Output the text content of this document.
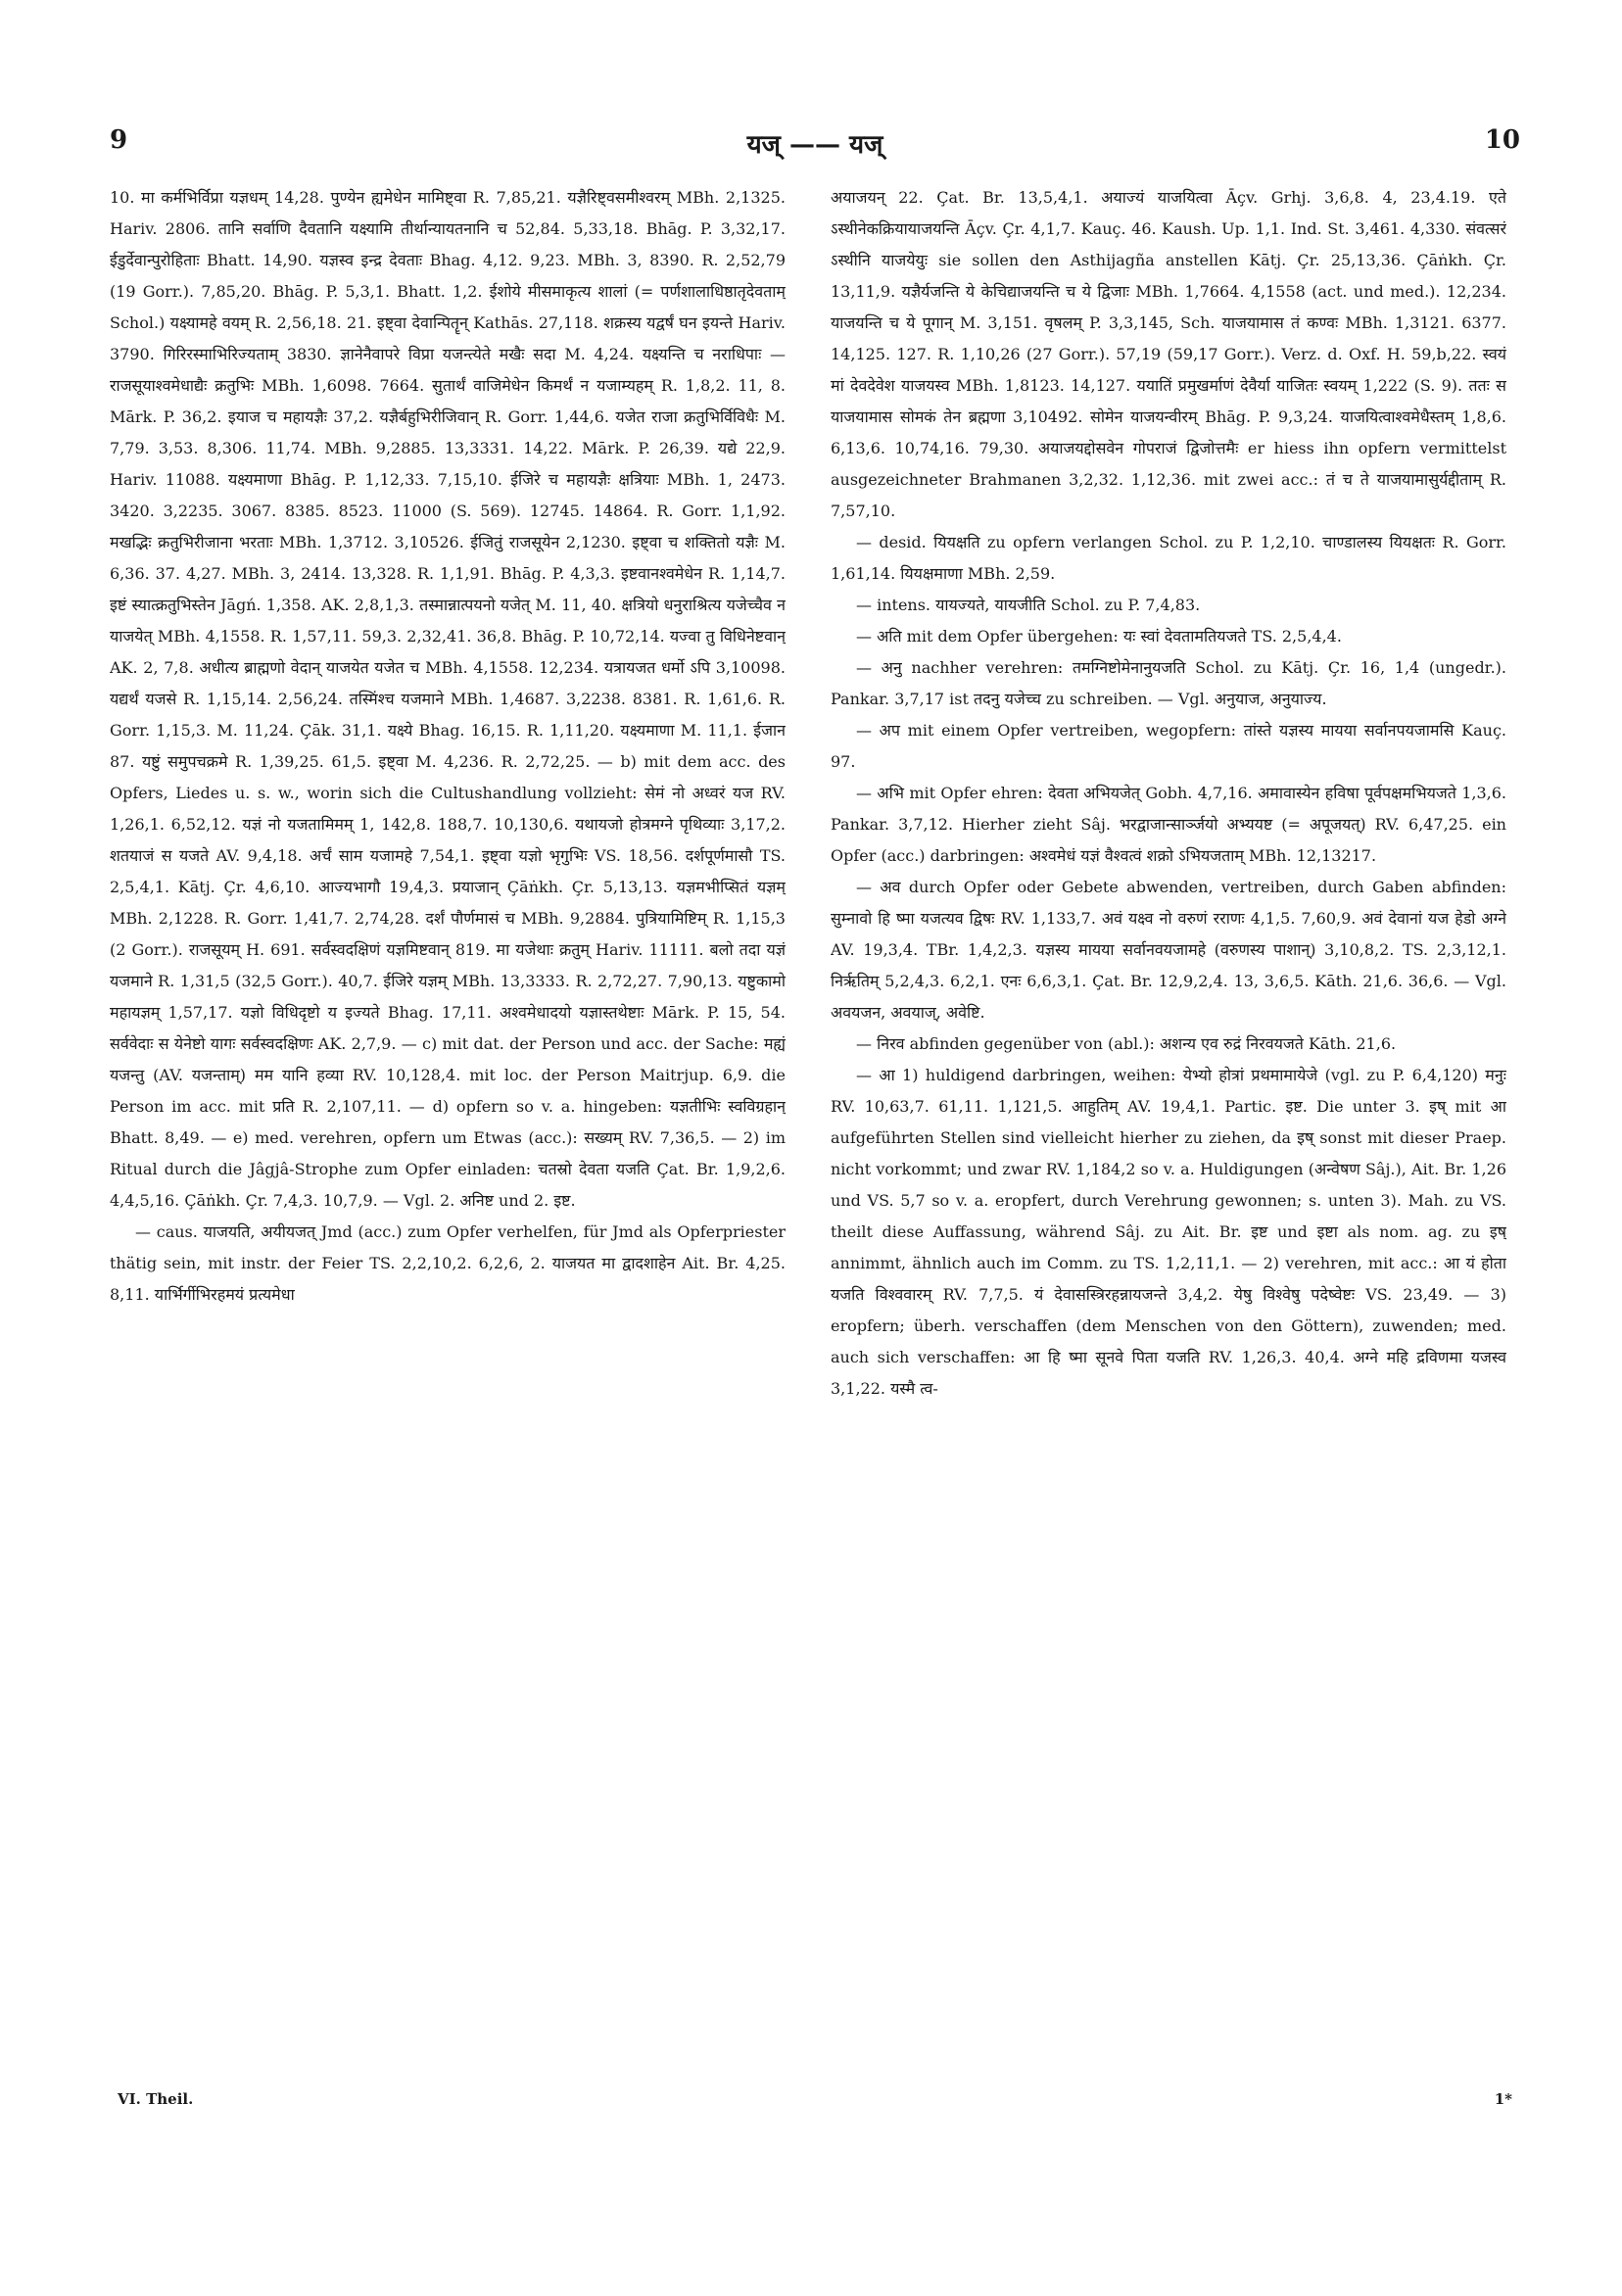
9	यज् —— यज्	10

10. मा कर्मभिर्विप्रा यज्ञधम् 14,28. पुण्येन ह्यमेधेन मामिष्ट्वा R. 7,85,21. यज्ञैरिष्ट्वसमीश्वरम् MBh. 2,1325. Hariv. 2806. तानि सर्वाणि दैवतानि यक्ष्यामि तीर्थान्यायतनानि च 52,84. 5,33,18. Bhāg. P. 3,32,17. ईडुर्देवान्पुरोहिताः Bhatt. 14,90. यज्ञस्व इन्द्र देवताः Bhag. 4,12. 9,23. MBh. 3, 8390. R. 2,52,79 (19 Gorr.). 7,85,20. Bhāg. P. 5,3,1. Bhatt. 1,2. ईशोये मीसमाकृत्य शालां (= पर्णशालाधिष्ठातृदेवताम् Schol.) यक्ष्यामहे वयम् R. 2,56,18. 21. इष्ट्वा देवान्पितॄन् Kathās. 27,118. शक्रस्य यद्वर्षं घन इयन्ते Hariv. 3790. गिरिरस्माभिरिज्यताम् 3830. ज्ञानेनैवापरे विप्रा यजन्त्येते मखैः सदा M. 4,24. यक्ष्यन्ति च नराधिपाः — राजसूयाश्वमेधाद्यैः क्रतुभिः MBh. 1,6098. 7664. सुतार्थं वाजिमेधेन किमर्थं न यजाम्यहम् R. 1,8,2. 11, 8. Mārk. P. 36,2. इयाज च महायज्ञैः 37,2. यज्ञैर्बहुभिरीजिवान् R. Gorr. 1,44,6. यजेत राजा क्रतुभिर्विविधैः M. 7,79. 3,53. 8,306. 11,74. MBh. 9,2885. 13,3331. 14,22. Mārk. P. 26,39. यद्ये 22,9. Hariv. 11088. यक्ष्यमाणा Bhāg. P. 1,12,33. 7,15,10. ईजिरे च महायज्ञैः क्षत्रियाः MBh. 1, 2473. 3420. 3,2235. 3067. 8385. 8523. 11000 (S. 569). 12745. 14864. R. Gorr. 1,1,92. मखद्भिः क्रतुभिरीजाना भरताः MBh. 1,3712. 3,10526. ईजितुं राजसूयेन 2,1230. इष्ट्वा च शक्तितो यज्ञैः M. 6,36. 37. 4,27. MBh. 3, 2414. 13,328. R. 1,1,91. Bhāg. P. 4,3,3. इष्टवानश्वमेधेन R. 1,14,7. इष्टं स्यात्क्रतुभिस्तेन Jāgń. 1,358. AK. 2,8,1,3. तस्मान्नात्पयनो यजेत् M. 11, 40. क्षत्रियो धनुराश्रित्य यजेच्चैव न याजयेत् MBh. 4,1558. R. 1,57,11. 59,3. 2,32,41. 36,8. Bhāg. P. 10,72,14. यज्वा तु विधिनेष्टवान् AK. 2, 7,8. अधीत्य ब्राह्मणो वेदान् याजयेत यजेत च MBh. 4,1558. 12,234. यत्रायजत धर्मो ऽपि 3,10098. यद्यर्थं यजसे R. 1,15,14. 2,56,24. तस्मिंश्च यजमाने MBh. 1,4687. 3,2238. 8381. R. 1,61,6. R. Gorr. 1,15,3. M. 11,24. Çāk. 31,1. यक्ष्ये Bhag. 16,15. R. 1,11,20. यक्ष्यमाणा M. 11,1. ईजान 87. यष्टुं समुपचक्रमे R. 1,39,25. 61,5. इष्ट्वा M. 4,236. R. 2,72,25. — b) mit dem acc. des Opfers, Liedes u. s. w., worin sich die Cultushandlung vollzieht: सेमं नो अध्वरं यज RV. 1,26,1. 6,52,12. यज्ञं नो यजतामिमम् 1, 142,8. 188,7. 10,130,6. यथायजो होत्रमग्ने पृथिव्याः 3,17,2. शतयाजं स यजते AV. 9,4,18. अर्चं साम यजामहे 7,54,1. इष्ट्वा यज्ञो भृगुभिः VS. 18,56. दर्शपूर्णमासौ TS. 2,5,4,1. Kātj. Çr. 4,6,10. आज्यभागौ 19,4,3. प्रयाजान् Çāṅkh. Çr. 5,13,13. यज्ञमभीप्सितं यज्ञम् MBh. 2,1228. R. Gorr. 1,41,7. 2,74,28. दर्शं पौर्णमासं च MBh. 9,2884. पुत्रियामिष्टिम् R. 1,15,3 (2 Gorr.). राजसूयम् H. 691. सर्वस्वदक्षिणं यज्ञमिष्टवान् 819. मा यजेथाः क्रतुम् Hariv. 11111. बलो तदा यज्ञं यजमाने R. 1,31,5 (32,5 Gorr.). 40,7. ईजिरे यज्ञम् MBh. 13,3333. R. 2,72,27. 7,90,13. यष्टुकामो महायज्ञम् 1,57,17. यज्ञो विधिदृष्टो य इज्यते Bhag. 17,11. अश्वमेधादयो यज्ञास्तथेष्टाः Mārk. P. 15, 54. सर्ववेदाः स येनेष्टो यागः सर्वस्वदक्षिणः AK. 2,7,9. — c) mit dat. der Person und acc. der Sache: मह्यं यजन्तु (AV. यजन्ताम्) मम यानि हव्या RV. 10,128,4. mit loc. der Person Maitrjup. 6,9. die Person im acc. mit प्रति R. 2,107,11. — d) opfern so v. a. hingeben: यज्ञतीभिः स्वविग्रहान् Bhatt. 8,49. — e) med. verehren, opfern um Etwas (acc.): सख्यम् RV. 7,36,5. — 2) im Ritual durch die Jâgjâ-Strophe zum Opfer einladen: चतस्रो देवता यजति Çat. Br. 1,9,2,6. 4,4,5,16. Çāṅkh. Çr. 7,4,3. 10,7,9. — Vgl. 2. अनिष्ट und 2. इष्ट.

— caus. याजयति, अयीयजत् Jmd (acc.) zum Opfer verhelfen, für Jmd als Opferpriester thätig sein, mit instr. der Feier TS. 2,2,10,2. 6,2,6, 2. याजयत मा द्वादशाहेन Ait. Br. 4,25. 8,11. यार्भिर्गीभिरहमयं प्रत्यमेधा

अयाजयन् 22. Çat. Br. 13,5,4,1. अयाज्यं याजयित्वा Āçv. Grhj. 3,6,8. 4, 23,4.19. एते ऽस्थीनेकक्रियायाजयन्ति Āçv. Çr. 4,1,7. Kauç. 46. Kaush. Up. 1,1. Ind. St. 3,461. 4,330. संवत्सरं ऽस्थीनि याजयेयुः sie sollen den Asthijagña anstellen Kātj. Çr. 25,13,36. Çāṅkh. Çr. 13,11,9. यज्ञैर्यजन्ति ये केचिद्याजयन्ति च ये द्विजाः MBh. 1,7664. 4,1558 (act. und med.). 12,234. याजयन्ति च ये पूगान् M. 3,151. वृषलम् P. 3,3,145, Sch. याजयामास तं कण्वः MBh. 1,3121. 6377. 14,125. 127. R. 1,10,26 (27 Gorr.). 57,19 (59,17 Gorr.). Verz. d. Oxf. H. 59,b,22. स्वयं मां देवदेवेश याजयस्व MBh. 1,8123. 14,127. ययातिं प्रमुखर्माणं देवैर्या याजितः स्वयम् 1,222 (S. 9). ततः स याजयामास सोमकं तेन ब्रह्मणा 3,10492. सोमेन याजयन्वीरम् Bhāg. P. 9,3,24. याजयित्वाश्वमेधैस्तम् 1,8,6. 6,13,6. 10,74,16. 79,30. अयाजयद्दोसवेन गोपराजं द्विजोत्तमैः er hiess ihn opfern vermittelst ausgezeichneter Brahmanen 3,2,32. 1,12,36. mit zwei acc.: तं च ते याजयामासुर्यद्दीताम् R. 7,57,10.

— desid. यियक्षति zu opfern verlangen Schol. zu P. 1,2,10. चाण्डालस्य यियक्षतः R. Gorr. 1,61,14. यियक्षमाणा MBh. 2,59.

— intens. यायज्यते, यायजीति Schol. zu P. 7,4,83.

— अति mit dem Opfer übergehen: यः स्वां देवतामतियजते TS. 2,5,4,4.

— अनु nachher verehren: तमग्निष्टोमेनानुयजति Schol. zu Kātj. Çr. 16, 1,4 (ungedr.). Pankar. 3,7,17 ist तदनु यजेच्च zu schreiben. — Vgl. अनुयाज, अनुयाज्य.

— अप mit einem Opfer vertreiben, wegopfern: तांस्ते यज्ञस्य मायया सर्वानपयजामसि Kauç. 97.

— अभि mit Opfer ehren: देवता अभियजेत् Gobh. 4,7,16. अमावास्येन हविषा पूर्वपक्षमभियजते 1,3,6. Pankar. 3,7,12. Hierher zieht Sâj. भरद्वाजान्सार्ञ्जयो अभ्ययष्ट (= अपूजयत्) RV. 6,47,25. ein Opfer (acc.) darbringen: अश्वमेधं यज्ञं वैश्वत्वं शक्रो ऽभियजताम् MBh. 12,13217.

— अव durch Opfer oder Gebete abwenden, vertreiben, durch Gaben abfinden: सुम्नावो हि ष्मा यजत्यव द्विषः RV. 1,133,7. अवं यक्ष्व नो वरुणं रराणः 4,1,5. 7,60,9. अवं देवानां यज हेडो अग्ने AV. 19,3,4. TBr. 1,4,2,3. यज्ञस्य मायया सर्वानवयजामहे (वरुणस्य पाशान्) 3,10,8,2. TS. 2,3,12,1. निर्ऋतिम् 5,2,4,3. 6,2,1. एनः 6,6,3,1. Çat. Br. 12,9,2,4. 13, 3,6,5. Kāth. 21,6. 36,6. — Vgl. अवयजन, अवयाज्, अवेष्टि.

— निरव abfinden gegenüber von (abl.): अशन्य एव रुद्रं निरवयजते Kāth. 21,6.

— आ 1) huldigend darbringen, weihen: येभ्यो होत्रां प्रथमामायेजे (vgl. zu P. 6,4,120) मनुः RV. 10,63,7. 61,11. 1,121,5. आहुतिम् AV. 19,4,1. Partic. इष्ट. Die unter 3. इष् mit आ aufgeführten Stellen sind vielleicht hierher zu ziehen, da इष् sonst mit dieser Praep. nicht vorkommt; und zwar RV. 1,184,2 so v. a. Huldigungen (अन्वेषण Sâj.), Ait. Br. 1,26 und VS. 5,7 so v. a. eropfert, durch Verehrung gewonnen; s. unten 3). Mah. zu VS. theilt diese Auffassung, während Sâj. zu Ait. Br. इष्ट und इष्टा als nom. ag. zu इष् annimmt, ähnlich auch im Comm. zu TS. 1,2,11,1. — 2) verehren, mit acc.: आ यं होता यजति विश्ववारम् RV. 7,7,5. यं देवासस्त्रिरहन्नायजन्ते 3,4,2. येषु विश्वेषु पदेष्वेष्टः VS. 23,49. — 3) eropfern; überh. verschaffen (dem Menschen von den Göttern), zuwenden; med. auch sich verschaffen: आ हि ष्मा सूनवे पिता यजति RV. 1,26,3. 40,4. अग्ने महि द्रविणमा यजस्व 3,1,22. यस्मै त्व-

VI. Theil.	1*
